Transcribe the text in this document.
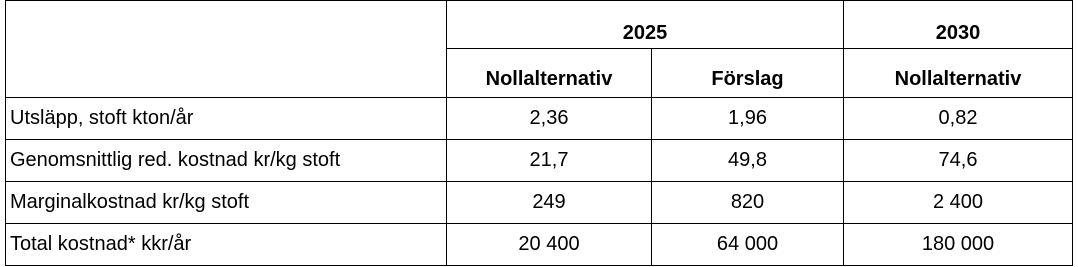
	2025		2030
	Nollalternativ	Förslag	Nollalternativ
Utsläpp, stoft kton/år	2,36	1,96	0,82
Genomsnittlig red. kostnad kr/kg stoft	21,7	49,8	74,6
Marginalkostnad kr/kg stoft	249	820	2 400
Total kostnad* kkr/år	20 400	64 000	180 000
